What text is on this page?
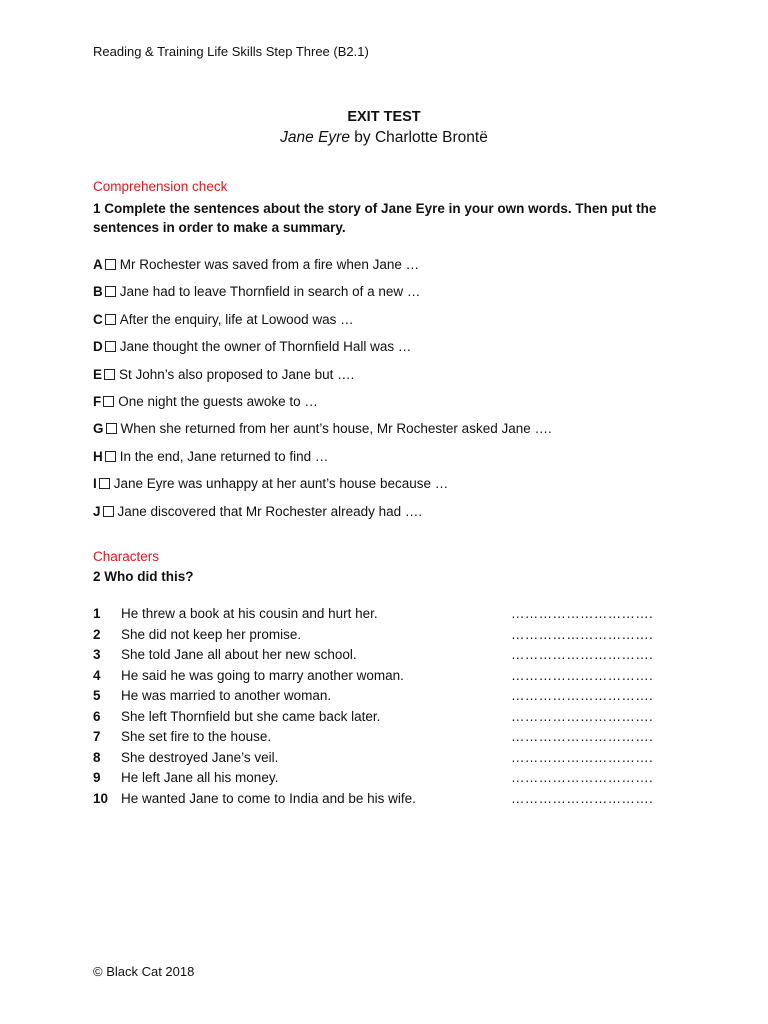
Reading & Training Life Skills Step Three (B2.1)
EXIT TEST
Jane Eyre by Charlotte Brontë
Comprehension check
1 Complete the sentences about the story of Jane Eyre in your own words. Then put the sentences in order to make a summary.
A Mr Rochester was saved from a fire when Jane …
B Jane had to leave Thornfield in search of a new …
C After the enquiry, life at Lowood was …
D Jane thought the owner of Thornfield Hall was …
E St John’s also proposed to Jane but ….
F One night the guests awoke to …
G When she returned from her aunt’s house, Mr Rochester asked Jane ….
H In the end, Jane returned to find …
I Jane Eyre was unhappy at her aunt’s house because …
J Jane discovered that Mr Rochester already had ….
Characters
2 Who did this?
1 He threw a book at his cousin and hurt her.	………………………….
2 She did not keep her promise.	………………………….
3 She told Jane all about her new school.	………………………….
4 He said he was going to marry another woman.	………………………….
5 He was married to another woman.	………………………….
6 She left Thornfield but she came back later.	………………………….
7 She set fire to the house.	………………………….
8 She destroyed Jane’s veil.	………………………….
9 He left Jane all his money.	………………………….
10 He wanted Jane to come to India and be his wife.	………………………….
© Black Cat 2018
